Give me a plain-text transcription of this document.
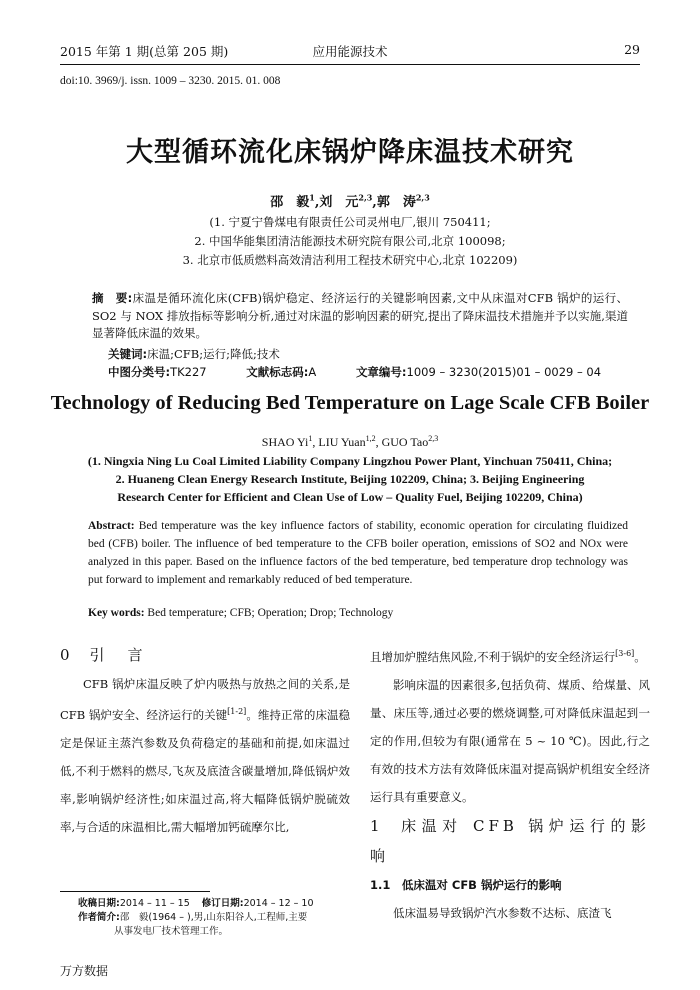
2015 年第 1 期(总第 205 期)	应用能源技术	29
doi:10. 3969/j. issn. 1009 – 3230. 2015. 01. 008
大型循环流化床锅炉降床温技术研究
邵　毅$^1$,刘　元$^{2,3}$,郭　涛$^{2,3}$
(1. 宁夏宁鲁煤电有限责任公司灵州电厂,银川 750411;
2. 中国华能集团清洁能源技术研究院有限公司,北京 100098;
3. 北京市低质燃料高效清洁利用工程技术研究中心,北京 102209)
摘　要:床温是循环流化床(CFB)锅炉稳定、经济运行的关键影响因素,文中从床温对CFB 锅炉的运行、SO2 与 NOX 排放指标等影响分析,通过对床温的影响因素的研究,提出了降床温技术措施并予以实施,渠道显著降低床温的效果。
关键词:床温;CFB;运行;降低;技术
中图分类号:TK227	文献标志码:A	文章编号:1009 – 3230(2015)01 – 0029 – 04
Technology of Reducing Bed Temperature on Lage Scale CFB Boiler
SHAO Yi$^1$, LIU Yuan$^{1,2}$, GUO Tao$^{2,3}$
(1. Ningxia Ning Lu Coal Limited Liability Company Lingzhou Power Plant, Yinchuan 750411, China;
2. Huaneng Clean Energy Research Institute, Beijing 102209, China; 3. Beijing Engineering
Research Center for Efficient and Clean Use of Low – Quality Fuel, Beijing 102209, China)
Abstract: Bed temperature was the key influence factors of stability, economic operation for circulating fluidized bed (CFB) boiler. The influence of bed temperature to the CFB boiler operation, emissions of SO2 and NOx were analyzed in this paper. Based on the influence factors of the bed temperature, bed temperature drop technology was put forward to implement and remarkably reduced of bed temperature.
Key words: Bed temperature; CFB; Operation; Drop; Technology
0 引　言

CFB 锅炉床温反映了炉内吸热与放热之间的关系,是 CFB 锅炉安全、经济运行的关键[1-2]。维持正常的床温稳定是保证主蒸汽参数及负荷稳定的基础和前提,如床温过低,不利于燃料的燃尽,飞灰及底渣含碳量增加,降低锅炉效率,影响锅炉经济性;如床温过高,将大幅降低锅炉脱硫效率,与合适的床温相比,需大幅增加钙硫摩尔比,

且增加炉膛结焦风险,不利于锅炉的安全经济运行[3-6]。

影响床温的因素很多,包括负荷、煤质、给煤量、风量、床压等,通过必要的燃烧调整,可对降低床温起到一定的作用,但较为有限(通常在 5 ~ 10 ℃)。因此,行之有效的技术方法有效降低床温对提高锅炉机组安全经济运行具有重要意义。

1 床温对 CFB 锅炉运行的影响
1.1　低床温对 CFB 锅炉运行的影响

低床温易导致锅炉汽水参数不达标、底渣飞

收稿日期:2014 – 11 – 15 修订日期:2014 – 12 – 10
作者简介:邵　毅(1964 – ),男,山东阳谷人,工程师,主要
从事发电厂技术管理工作。
万方数据
